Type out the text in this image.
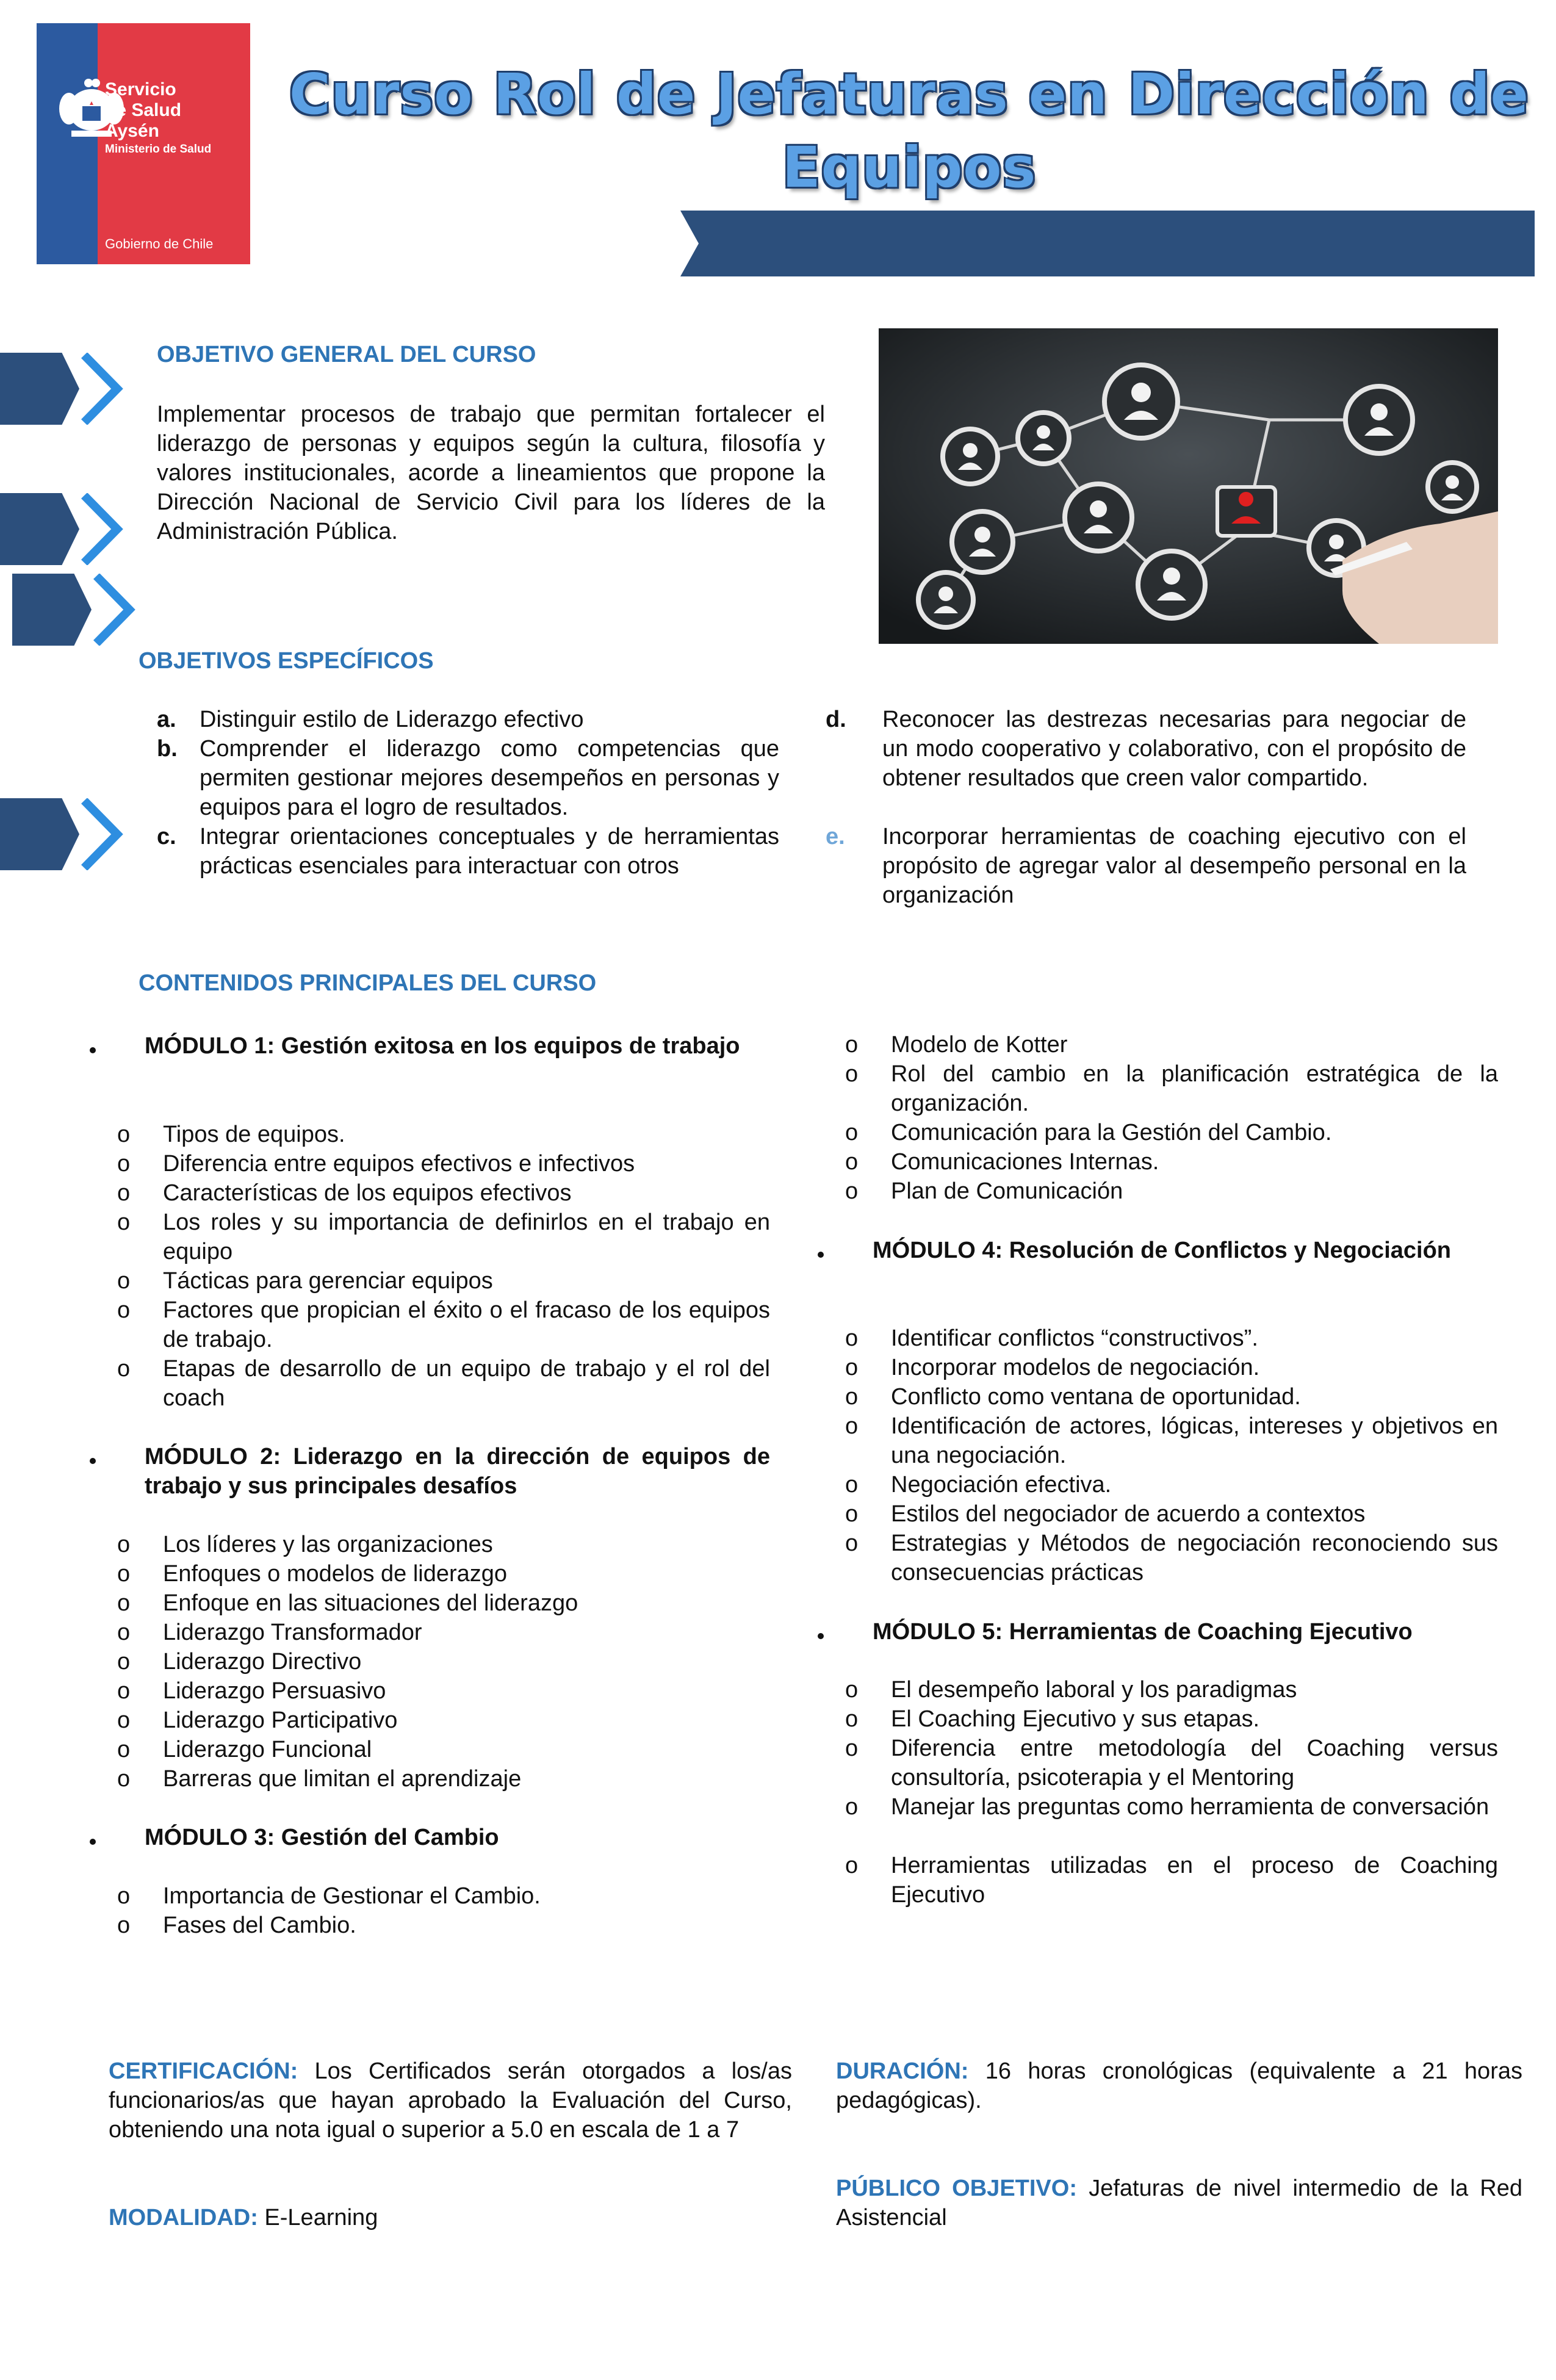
Servicio
de Salud
Aysén
Ministerio de Salud
Gobierno de Chile
Curso Rol de Jefaturas en Dirección de
Equipos
OBJETIVO GENERAL DEL CURSO
Implementar procesos de trabajo que permitan fortalecer el liderazgo de personas y equipos según la cultura, filosofía y valores institucionales, acorde a lineamientos que propone la Dirección Nacional de Servicio Civil para los líderes de la Administración Pública.
OBJETIVOS ESPECÍFICOS
a.	Distinguir estilo de Liderazgo efectivo
b. Comprender el liderazgo como competencias que permiten gestionar mejores desempeños en personas y equipos para el logro de resultados.
c.	Integrar orientaciones conceptuales y de herramientas prácticas esenciales para interactuar con otros
d.	Reconocer las destrezas necesarias para negociar de un modo cooperativo y colaborativo, con el propósito de obtener resultados que creen valor compartido.
e.	Incorporar herramientas de coaching ejecutivo con el propósito de agregar valor al desempeño personal en la organización
CONTENIDOS PRINCIPALES DEL CURSO
MÓDULO 1: Gestión exitosa en los equipos de trabajo
o	Tipos de equipos.
o	Diferencia entre equipos efectivos e infectivos
o	Características de los equipos efectivos
o	Los roles y su importancia de definirlos en el trabajo en equipo
o	Tácticas para gerenciar equipos
o	Factores que propician el éxito o el fracaso de los equipos de trabajo.
o	Etapas de desarrollo de un equipo de trabajo y el rol del coach
MÓDULO 2: Liderazgo en la dirección de equipos de trabajo y sus principales desafíos
o	Los líderes y las organizaciones
o	Enfoques o modelos de liderazgo
o	Enfoque en las situaciones del liderazgo
o	Liderazgo Transformador
o	Liderazgo Directivo
o	Liderazgo Persuasivo
o	Liderazgo Participativo
o	Liderazgo Funcional
o	Barreras que limitan el aprendizaje
MÓDULO 3: Gestión del Cambio
o	Importancia de Gestionar el Cambio.
o	Fases del Cambio.
o	Modelo de Kotter
o	Rol del cambio en la planificación estratégica de la organización.
o	Comunicación para la Gestión del Cambio.
o	Comunicaciones Internas.
o	Plan de Comunicación
MÓDULO 4: Resolución de Conflictos y Negociación
o	Identificar conflictos “constructivos”.
o	Incorporar modelos de negociación.
o	Conflicto como ventana de oportunidad.
o	Identificación de actores, lógicas, intereses y objetivos en una negociación.
o	Negociación efectiva.
o	Estilos del negociador de acuerdo a contextos
o	Estrategias y Métodos de negociación reconociendo sus consecuencias prácticas
MÓDULO 5: Herramientas de Coaching Ejecutivo
o	El desempeño laboral y los paradigmas
o	El Coaching Ejecutivo y sus etapas.
o	Diferencia entre metodología del Coaching versus consultoría, psicoterapia y el Mentoring
o	Manejar las preguntas como herramienta de conversación
o	Herramientas utilizadas en el proceso de Coaching Ejecutivo
CERTIFICACIÓN: Los Certificados serán otorgados a los/as funcionarios/as que hayan aprobado la Evaluación del Curso, obteniendo una nota igual o superior a 5.0 en escala de 1 a 7
MODALIDAD: E-Learning
DURACIÓN: 16 horas cronológicas (equivalente a 21 horas pedagógicas).
PÚBLICO OBJETIVO: Jefaturas de nivel intermedio de la Red Asistencial
